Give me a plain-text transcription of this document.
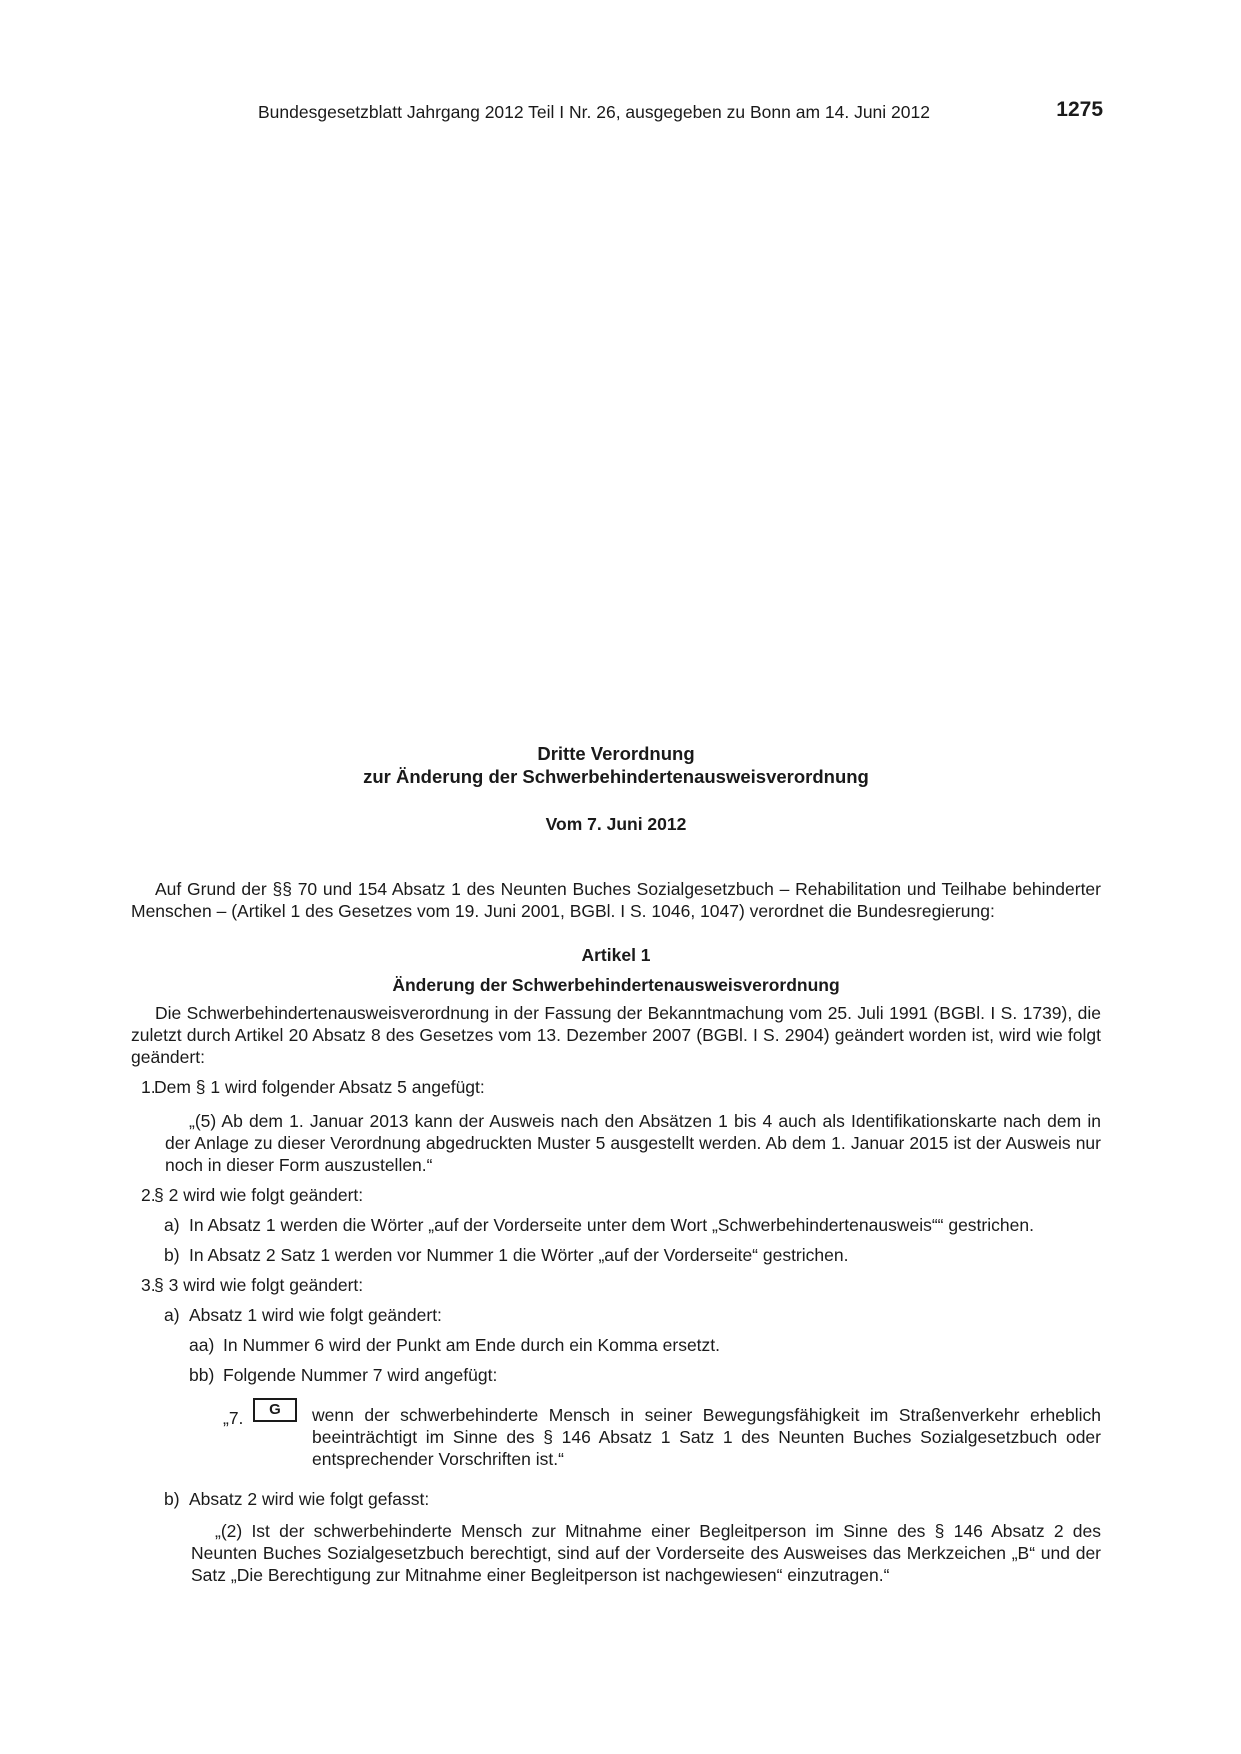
Bundesgesetzblatt Jahrgang 2012 Teil I Nr. 26, ausgegeben zu Bonn am 14. Juni 2012	1275
Dritte Verordnung
zur Änderung der Schwerbehindertenausweisverordnung
Vom 7. Juni 2012
Auf Grund der §§ 70 und 154 Absatz 1 des Neunten Buches Sozialgesetzbuch – Rehabilitation und Teilhabe behinderter Menschen – (Artikel 1 des Gesetzes vom 19. Juni 2001, BGBl. I S. 1046, 1047) verordnet die Bundesregierung:
Artikel 1
Änderung der Schwerbehindertenausweisverordnung
Die Schwerbehindertenausweisverordnung in der Fassung der Bekanntmachung vom 25. Juli 1991 (BGBl. I S. 1739), die zuletzt durch Artikel 20 Absatz 8 des Gesetzes vom 13. Dezember 2007 (BGBl. I S. 2904) geändert worden ist, wird wie folgt geändert:
1.
Dem § 1 wird folgender Absatz 5 angefügt:
„(5) Ab dem 1. Januar 2013 kann der Ausweis nach den Absätzen 1 bis 4 auch als Identifikationskarte nach dem in der Anlage zu dieser Verordnung abgedruckten Muster 5 ausgestellt werden. Ab dem 1. Januar 2015 ist der Ausweis nur noch in dieser Form auszustellen.“
2.
§ 2 wird wie folgt geändert:
a) In Absatz 1 werden die Wörter „auf der Vorderseite unter dem Wort „Schwerbehindertenausweis““ gestrichen.
b) In Absatz 2 Satz 1 werden vor Nummer 1 die Wörter „auf der Vorderseite“ gestrichen.
3.
§ 3 wird wie folgt geändert:
a) Absatz 1 wird wie folgt geändert:
aa) In Nummer 6 wird der Punkt am Ende durch ein Komma ersetzt.
bb) Folgende Nummer 7 wird angefügt:
„7.	G	wenn der schwerbehinderte Mensch in seiner Bewegungsfähigkeit im Straßenverkehr erheblich beeinträchtigt im Sinne des § 146 Absatz 1 Satz 1 des Neunten Buches Sozialgesetzbuch oder entsprechender Vorschriften ist.“
b) Absatz 2 wird wie folgt gefasst:
„(2) Ist der schwerbehinderte Mensch zur Mitnahme einer Begleitperson im Sinne des § 146 Absatz 2 des Neunten Buches Sozialgesetzbuch berechtigt, sind auf der Vorderseite des Ausweises das Merkzeichen „B“ und der Satz „Die Berechtigung zur Mitnahme einer Begleitperson ist nachgewiesen“ einzutragen.“
